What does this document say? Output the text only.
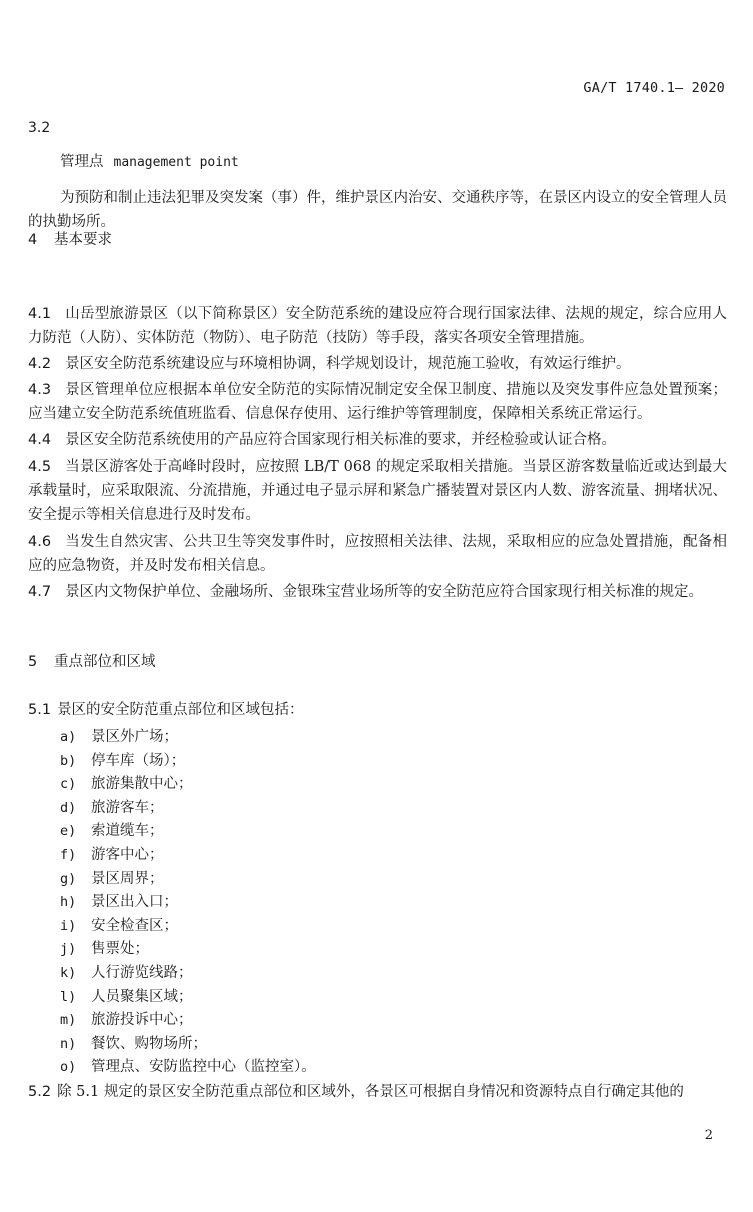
GA/T 1740.1— 2020
3.2
管理点 management point
为预防和制止违法犯罪及突发案（事）件，维护景区内治安、交通秩序等，在景区内设立的安全管理人员的执勤场所。
4 基本要求
4.1 山岳型旅游景区（以下简称景区）安全防范系统的建设应符合现行国家法律、法规的规定，综合应用人力防范（人防）、实体防范（物防）、电子防范（技防）等手段，落实各项安全管理措施。
4.2 景区安全防范系统建设应与环境相协调，科学规划设计，规范施工验收，有效运行维护。
4.3 景区管理单位应根据本单位安全防范的实际情况制定安全保卫制度、措施以及突发事件应急处置预案；应当建立安全防范系统值班监看、信息保存使用、运行维护等管理制度，保障相关系统正常运行。
4.4 景区安全防范系统使用的产品应符合国家现行相关标准的要求，并经检验或认证合格。
4.5 当景区游客处于高峰时段时，应按照 LB/T 068 的规定采取相关措施。当景区游客数量临近或达到最大承载量时，应采取限流、分流措施，并通过电子显示屏和紧急广播装置对景区内人数、游客流量、拥堵状况、安全提示等相关信息进行及时发布。
4.6 当发生自然灾害、公共卫生等突发事件时，应按照相关法律、法规，采取相应的应急处置措施，配备相应的应急物资，并及时发布相关信息。
4.7 景区内文物保护单位、金融场所、金银珠宝营业场所等的安全防范应符合国家现行相关标准的规定。
5 重点部位和区域
5.1 景区的安全防范重点部位和区域包括：
a) 景区外广场；
b) 停车库（场）；
c) 旅游集散中心；
d) 旅游客车；
e) 索道缆车；
f) 游客中心；
g) 景区周界；
h) 景区出入口；
i) 安全检查区；
j) 售票处；
k) 人行游览线路；
l) 人员聚集区域；
m) 旅游投诉中心；
n) 餐饮、购物场所；
o) 管理点、安防监控中心（监控室）。
5.2 除 5.1 规定的景区安全防范重点部位和区域外，各景区可根据自身情况和资源特点自行确定其他的
2
